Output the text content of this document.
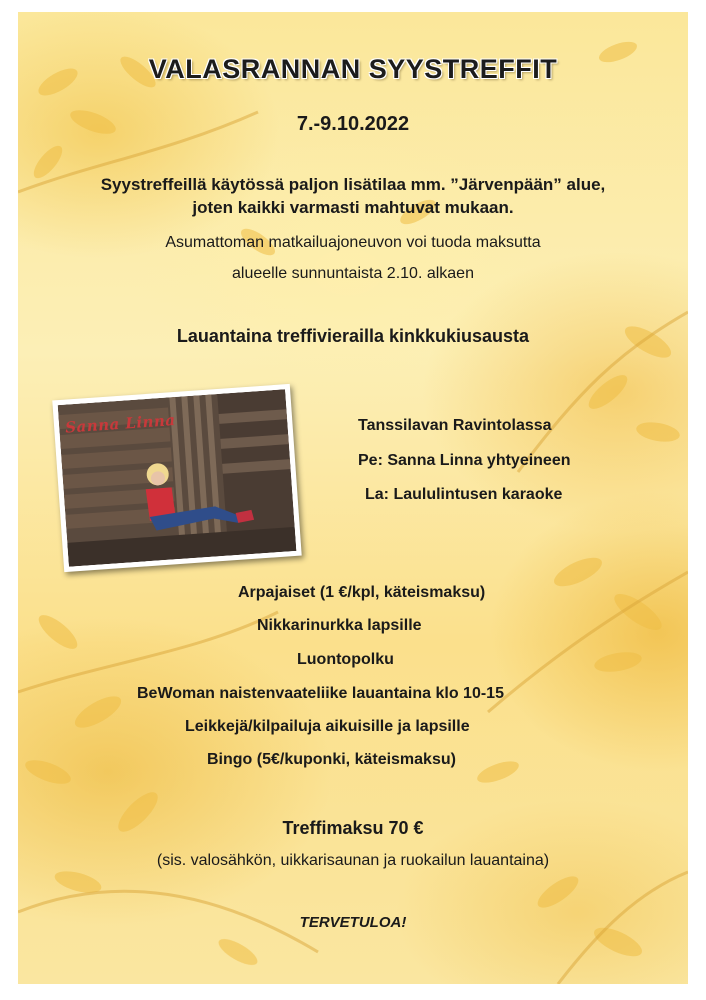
VALASRANNAN SYYSTREFFIT

7.-9.10.2022

Syystreffeillä käytössä paljon lisätilaa mm. ”Järvenpään” alue,

joten kaikki varmasti mahtuvat mukaan.

Asumattoman matkailuajoneuvon voi tuoda maksutta

alueelle sunnuntaista 2.10. alkaen

Lauantaina treffivierailla kinkkukiusausta

Sanna Linna	Tanssilavan Ravintolassa

Pe: Sanna Linna yhtyeineen

La: Laululintusen karaoke

Arpajaiset (1 €/kpl, käteismaksu)

Nikkarinurkka lapsille

Luontopolku

BeWoman naistenvaateliike lauantaina klo 10-15

Leikkejä/kilpailuja aikuisille ja lapsille

Bingo (5€/kuponki, käteismaksu)

Treffimaksu 70 €

(sis. valosähkön, uikkarisaunan ja ruokailun lauantaina)

TERVETULOA!
